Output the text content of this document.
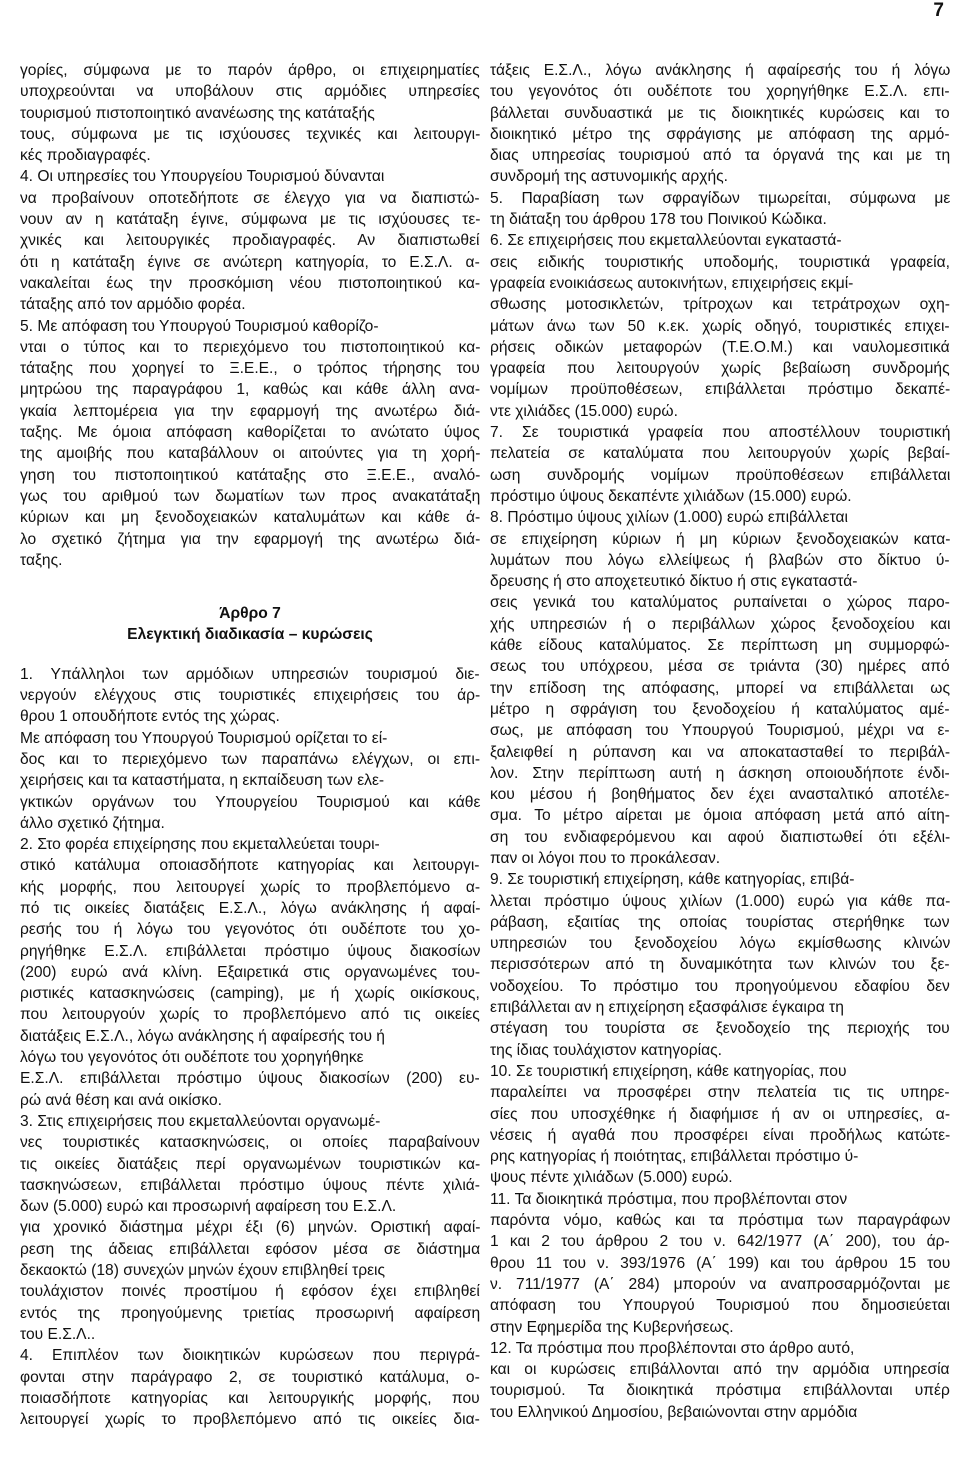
7
γορίες, σύμφωνα με το παρόν άρθρο, οι επιχειρηματίες
υποχρεούνται να υποβάλουν στις αρμόδιες υπηρεσίες
τουρισμού πιστοποιητικό ανανέωσης της κατάταξής
τους, σύμφωνα με τις ισχύουσες τεχνικές και λειτουργι-
κές προδιαγραφές.
4. Οι υπηρεσίες του Υπουργείου Τουρισμού δύνανται
να προβαίνουν οποτεδήποτε σε έλεγχο για να διαπιστώ-
νουν αν η κατάταξη έγινε, σύμφωνα με τις ισχύουσες τε-
χνικές και λειτουργικές προδιαγραφές. Αν διαπιστωθεί
ότι η κατάταξη έγινε σε ανώτερη κατηγορία, το Ε.Σ.Λ. α-
νακαλείται έως την προσκόμιση νέου πιστοποιητικού κα-
τάταξης από τον αρμόδιο φορέα.
5. Με απόφαση του Υπουργού Τουρισμού καθορίζο-
νται ο τύπος και το περιεχόμενο του πιστοποιητικού κα-
τάταξης που χορηγεί το Ξ.Ε.Ε., ο τρόπος τήρησης του
μητρώου της παραγράφου 1, καθώς και κάθε άλλη ανα-
γκαία λεπτομέρεια για την εφαρμογή της ανωτέρω διά-
ταξης. Με όμοια απόφαση καθορίζεται το ανώτατο ύψος
της αμοιβής που καταβάλλουν οι αιτούντες για τη χορή-
γηση του πιστοποιητικού κατάταξης στο Ξ.Ε.Ε., αναλό-
γως του αριθμού των δωματίων των προς ανακατάταξη
κύριων και μη ξενοδοχειακών καταλυμάτων και κάθε ά-
λο σχετικό ζήτημα για την εφαρμογή της ανωτέρω διά-
ταξης.
Άρθρο 7
Ελεγκτική διαδικασία – κυρώσεις
1. Υπάλληλοι των αρμόδιων υπηρεσιών τουρισμού διε-
νεργούν ελέγχους στις τουριστικές επιχειρήσεις του άρ-
θρου 1 οπουδήποτε εντός της χώρας.
Με απόφαση του Υπουργού Τουρισμού ορίζεται το εί-
δος και το περιεχόμενο των παραπάνω ελέγχων, οι επι-
χειρήσεις και τα καταστήματα, η εκπαίδευση των ελε-
γκτικών οργάνων του Υπουργείου Τουρισμού και κάθε
άλλο σχετικό ζήτημα.
2. Στο φορέα επιχείρησης που εκμεταλλεύεται τουρι-
στικό κατάλυμα οποιασδήποτε κατηγορίας και λειτουργι-
κής μορφής, που λειτουργεί χωρίς το προβλεπόμενο α-
πό τις οικείες διατάξεις Ε.Σ.Λ., λόγω ανάκλησης ή αφαί-
ρεσής του ή λόγω του γεγονότος ότι ουδέποτε του χο-
ρηγήθηκε Ε.Σ.Λ. επιβάλλεται πρόστιμο ύψους διακοσίων
(200) ευρώ ανά κλίνη. Εξαιρετικά στις οργανωμένες του-
ριστικές κατασκηνώσεις (camping), με ή χωρίς οικίσκους,
που λειτουργούν χωρίς το προβλεπόμενο από τις οικείες
διατάξεις Ε.Σ.Λ., λόγω ανάκλησης ή αφαίρεσής του ή
λόγω του γεγονότος ότι ουδέποτε του χορηγήθηκε
Ε.Σ.Λ. επιβάλλεται πρόστιμο ύψους διακοσίων (200) ευ-
ρώ ανά θέση και ανά οικίσκο.
3. Στις επιχειρήσεις που εκμεταλλεύονται οργανωμέ-
νες τουριστικές κατασκηνώσεις, οι οποίες παραβαίνουν
τις οικείες διατάξεις περί οργανωμένων τουριστικών κα-
τασκηνώσεων, επιβάλλεται πρόστιμο ύψους πέντε χιλιά-
δων (5.000) ευρώ και προσωρινή αφαίρεση του Ε.Σ.Λ.
για χρονικό διάστημα μέχρι έξι (6) μηνών. Οριστική αφαί-
ρεση της άδειας επιβάλλεται εφόσον μέσα σε διάστημα
δεκαοκτώ (18) συνεχών μηνών έχουν επιβληθεί τρεις
τουλάχιστον ποινές προστίμου ή εφόσον έχει επιβληθεί
εντός της προηγούμενης τριετίας προσωρινή αφαίρεση
του Ε.Σ.Λ..
4. Επιπλέον των διοικητικών κυρώσεων που περιγρά-
φονται στην παράγραφο 2, σε τουριστικό κατάλυμα, ο-
ποιασδήποτε κατηγορίας και λειτουργικής μορφής, που
λειτουργεί χωρίς το προβλεπόμενο από τις οικείες δια-
τάξεις Ε.Σ.Λ., λόγω ανάκλησης ή αφαίρεσής του ή λόγω
του γεγονότος ότι ουδέποτε του χορηγήθηκε Ε.Σ.Λ. επι-
βάλλεται συνδυαστικά με τις διοικητικές κυρώσεις και το
διοικητικό μέτρο της σφράγισης με απόφαση της αρμό-
διας υπηρεσίας τουρισμού από τα όργανά της και με τη
συνδρομή της αστυνομικής αρχής.
5. Παραβίαση των σφραγίδων τιμωρείται, σύμφωνα με
τη διάταξη του άρθρου 178 του Ποινικού Κώδικα.
6. Σε επιχειρήσεις που εκμεταλλεύονται εγκαταστά-
σεις ειδικής τουριστικής υποδομής, τουριστικά γραφεία,
γραφεία ενοικιάσεως αυτοκινήτων, επιχειρήσεις εκμί-
σθωσης μοτοσικλετών, τρίτροχων και τετράτροχων οχη-
μάτων άνω των 50 κ.εκ. χωρίς οδηγό, τουριστικές επιχει-
ρήσεις οδικών μεταφορών (Τ.Ε.Ο.Μ.) και ναυλομεσιτικά
γραφεία που λειτουργούν χωρίς βεβαίωση συνδρομής
νομίμων προϋποθέσεων, επιβάλλεται πρόστιμο δεκαπέ-
ντε χιλιάδες (15.000) ευρώ.
7. Σε τουριστικά γραφεία που αποστέλλουν τουριστική
πελατεία σε καταλύματα που λειτουργούν χωρίς βεβαί-
ωση συνδρομής νομίμων προϋποθέσεων επιβάλλεται
πρόστιμο ύψους δεκαπέντε χιλιάδων (15.000) ευρώ.
8. Πρόστιμο ύψους χιλίων (1.000) ευρώ επιβάλλεται
σε επιχείρηση κύριων ή μη κύριων ξενοδοχειακών κατα-
λυμάτων που λόγω ελλείψεως ή βλαβών στο δίκτυο ύ-
δρευσης ή στο αποχετευτικό δίκτυο ή στις εγκαταστά-
σεις γενικά του καταλύματος ρυπαίνεται ο χώρος παρο-
χής υπηρεσιών ή ο περιβάλλων χώρος ξενοδοχείου και
κάθε είδους καταλύματος. Σε περίπτωση μη συμμορφώ-
σεως του υπόχρεου, μέσα σε τριάντα (30) ημέρες από
την επίδοση της απόφασης, μπορεί να επιβάλλεται ως
μέτρο η σφράγιση του ξενοδοχείου ή καταλύματος αμέ-
σως, με απόφαση του Υπουργού Τουρισμού, μέχρι να ε-
ξαλειφθεί η ρύπανση και να αποκατασταθεί το περιβάλ-
λον. Στην περίπτωση αυτή η άσκηση οποιουδήποτε ένδι-
κου μέσου ή βοηθήματος δεν έχει ανασταλτικό αποτέλε-
σμα. Το μέτρο αίρεται με όμοια απόφαση μετά από αίτη-
ση του ενδιαφερόμενου και αφού διαπιστωθεί ότι εξέλι-
παν οι λόγοι που το προκάλεσαν.
9. Σε τουριστική επιχείρηση, κάθε κατηγορίας, επιβά-
λλεται πρόστιμο ύψους χιλίων (1.000) ευρώ για κάθε πα-
ράβαση, εξαιτίας της οποίας τουρίστας στερήθηκε των
υπηρεσιών του ξενοδοχείου λόγω εκμίσθωσης κλινών
περισσότερων από τη δυναμικότητα των κλινών του ξε-
νοδοχείου. Το πρόστιμο του προηγούμενου εδαφίου δεν
επιβάλλεται αν η επιχείρηση εξασφάλισε έγκαιρα τη
στέγαση του τουρίστα σε ξενοδοχείο της περιοχής του
της ίδιας τουλάχιστον κατηγορίας.
10. Σε τουριστική επιχείρηση, κάθε κατηγορίας, που
παραλείπει να προσφέρει στην πελατεία τις τις υπηρε-
σίες που υποσχέθηκε ή διαφήμισε ή αν οι υπηρεσίες, α-
νέσεις ή αγαθά που προσφέρει είναι προδήλως κατώτε-
ρης κατηγορίας ή ποιότητας, επιβάλλεται πρόστιμο ύ-
ψους πέντε χιλιάδων (5.000) ευρώ.
11. Τα διοικητικά πρόστιμα, που προβλέπονται στον
παρόντα νόμο, καθώς και τα πρόστιμα των παραγράφων
1 και 2 του άρθρου 2 του ν. 642/1977 (Α΄ 200), του άρ-
θρου 11 του ν. 393/1976 (Α΄ 199) και του άρθρου 15 του
ν. 711/1977 (Α΄ 284) μπορούν να αναπροσαρμόζονται με
απόφαση του Υπουργού Τουρισμού που δημοσιεύεται
στην Εφημερίδα της Κυβερνήσεως.
12. Τα πρόστιμα που προβλέπονται στο άρθρο αυτό,
και οι κυρώσεις επιβάλλονται από την αρμόδια υπηρεσία
τουρισμού. Τα διοικητικά πρόστιμα επιβάλλονται υπέρ
του Ελληνικού Δημοσίου, βεβαιώνονται στην αρμόδια
